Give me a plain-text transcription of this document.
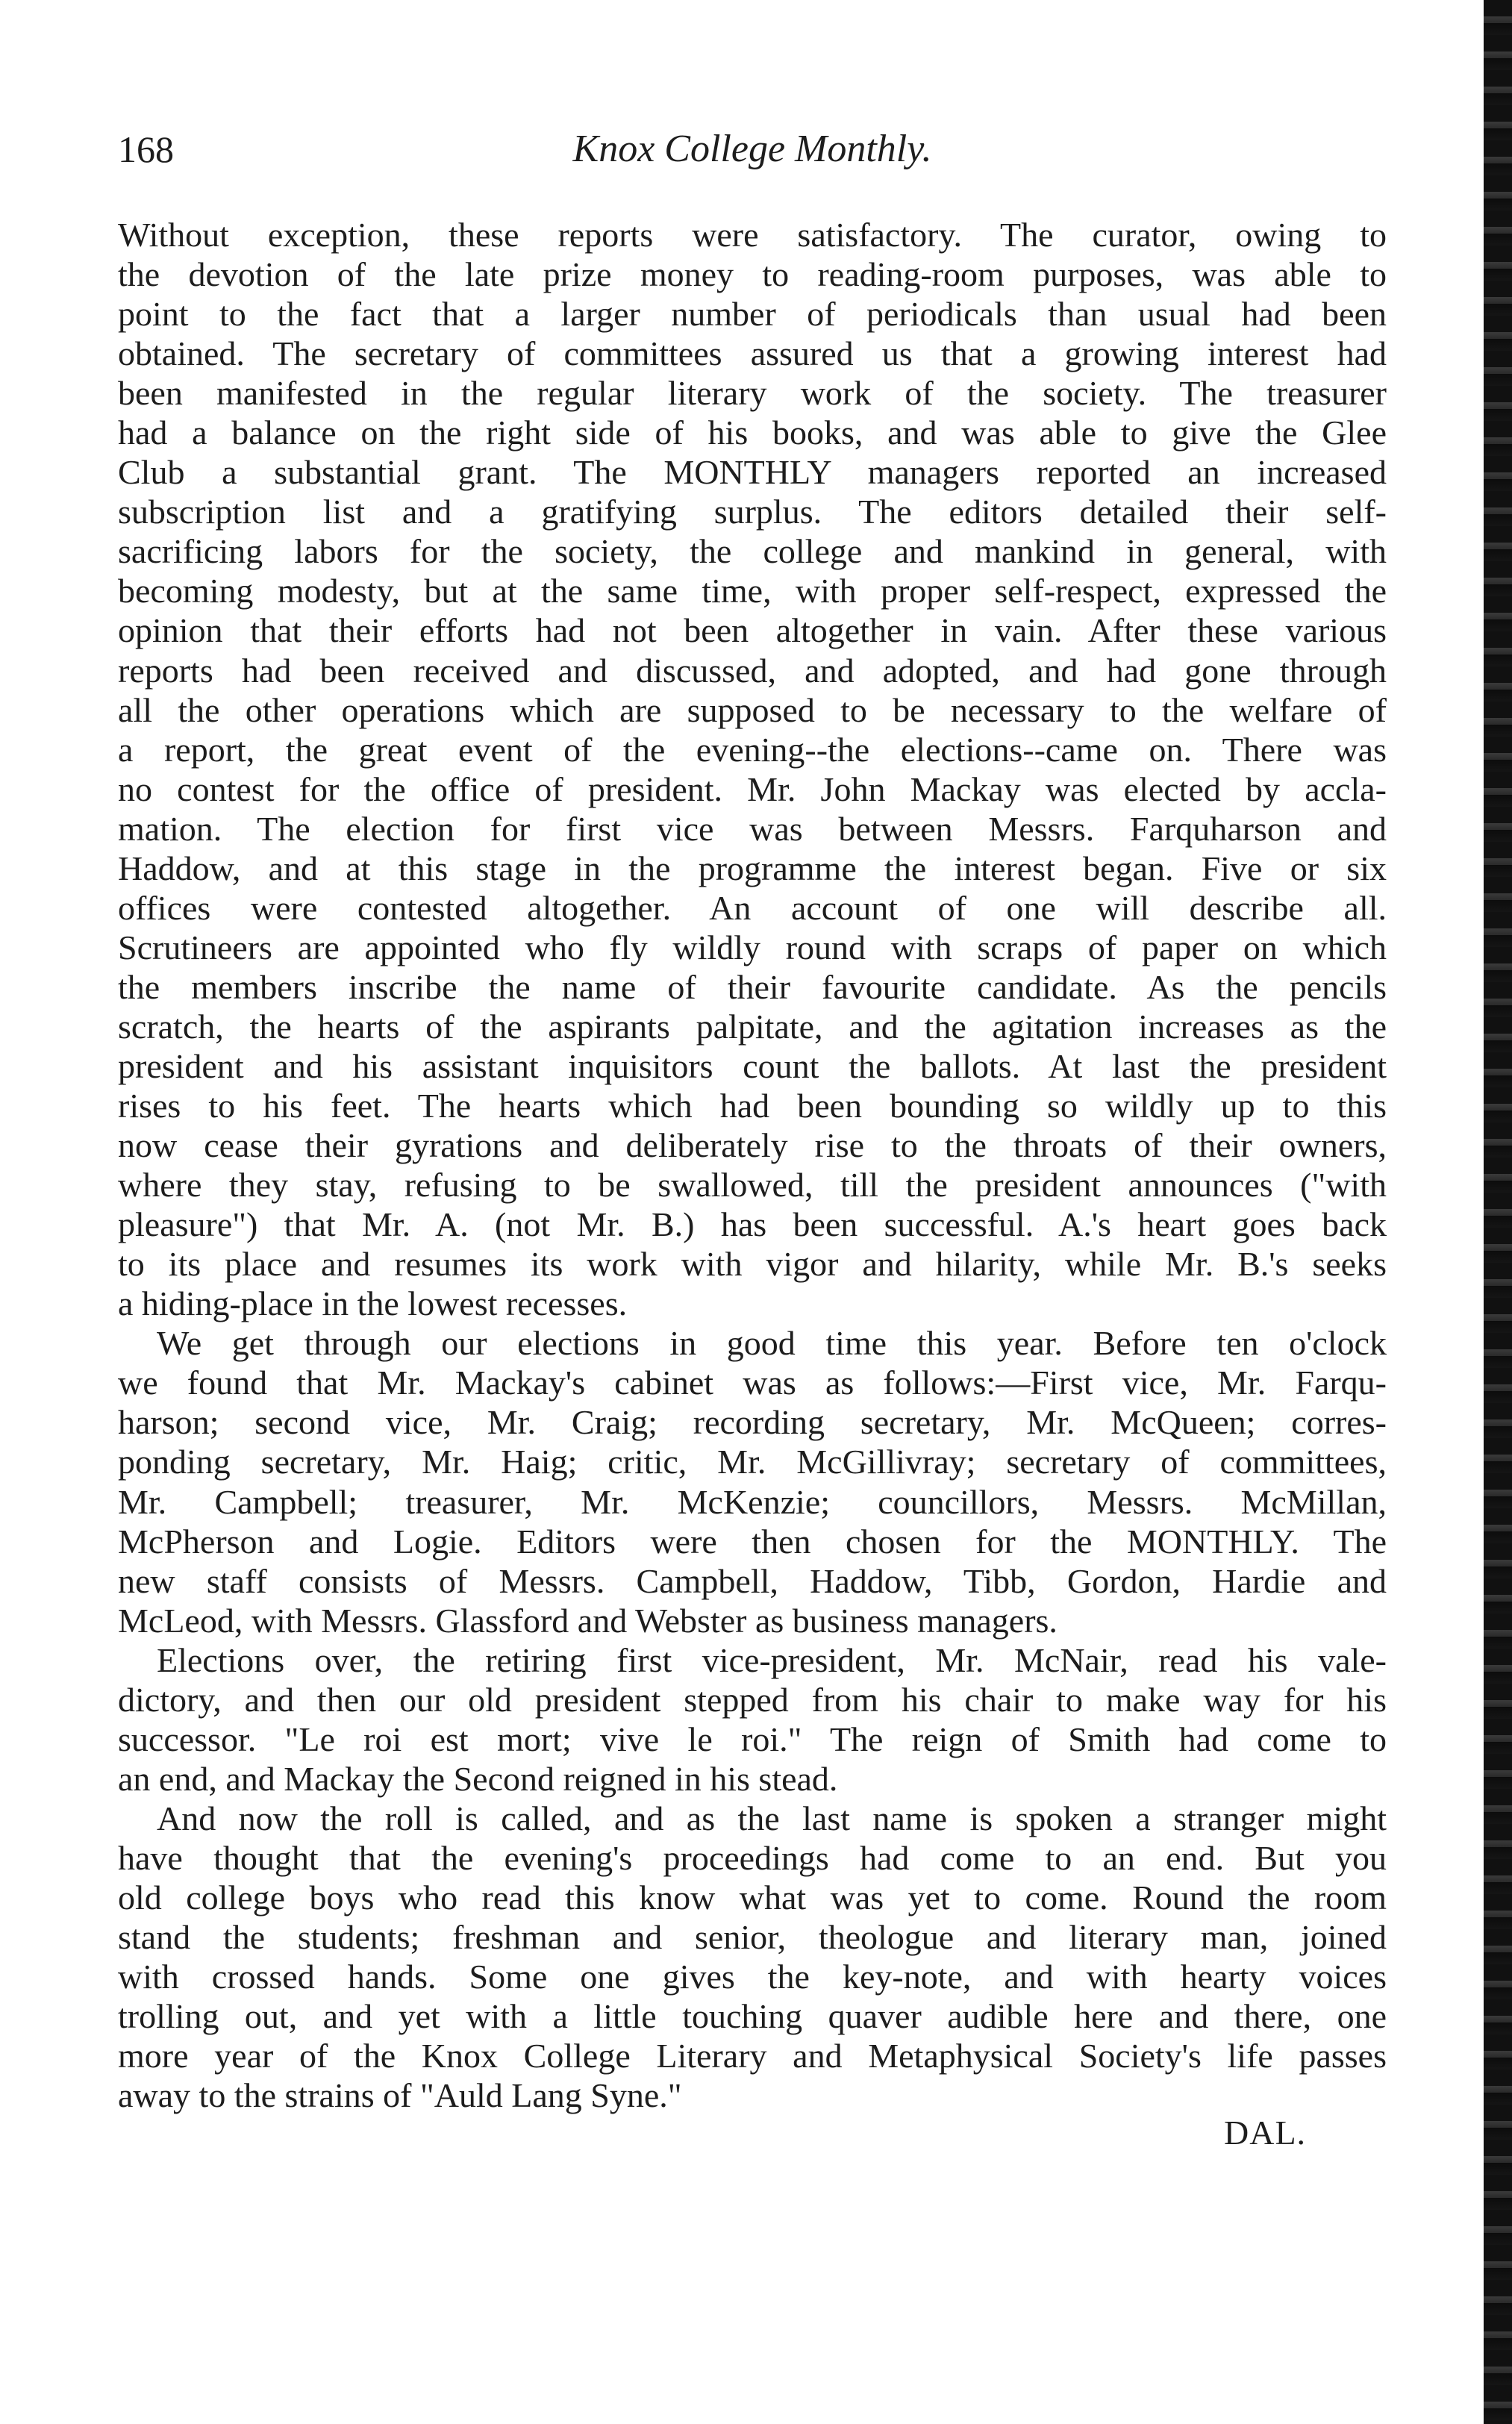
168	Knox College Monthly.
Without exception, these reports were satisfactory. The curator, owing to
the devotion of the late prize money to reading-room purposes, was able to
point to the fact that a larger number of periodicals than usual had been
obtained. The secretary of committees assured us that a growing interest had
been manifested in the regular literary work of the society. The treasurer
had a balance on the right side of his books, and was able to give the Glee
Club a substantial grant. The MONTHLY managers reported an increased
subscription list and a gratifying surplus. The editors detailed their self-
sacrificing labors for the society, the college and mankind in general, with
becoming modesty, but at the same time, with proper self-respect, expressed the
opinion that their efforts had not been altogether in vain. After these various
reports had been received and discussed, and adopted, and had gone through
all the other operations which are supposed to be necessary to the welfare of
a report, the great event of the evening--the elections--came on. There was
no contest for the office of president. Mr. John Mackay was elected by accla-
mation. The election for first vice was between Messrs. Farquharson and
Haddow, and at this stage in the programme the interest began. Five or six
offices were contested altogether. An account of one will describe all.
Scrutineers are appointed who fly wildly round with scraps of paper on which
the members inscribe the name of their favourite candidate. As the pencils
scratch, the hearts of the aspirants palpitate, and the agitation increases as the
president and his assistant inquisitors count the ballots. At last the president
rises to his feet. The hearts which had been bounding so wildly up to this
now cease their gyrations and deliberately rise to the throats of their owners,
where they stay, refusing to be swallowed, till the president announces ("with
pleasure") that Mr. A. (not Mr. B.) has been successful. A.'s heart goes back
to its place and resumes its work with vigor and hilarity, while Mr. B.'s seeks
a hiding-place in the lowest recesses.
We get through our elections in good time this year. Before ten o'clock
we found that Mr. Mackay's cabinet was as follows:—First vice, Mr. Farqu-
harson; second vice, Mr. Craig; recording secretary, Mr. McQueen; corres-
ponding secretary, Mr. Haig; critic, Mr. McGillivray; secretary of committees,
Mr. Campbell; treasurer, Mr. McKenzie; councillors, Messrs. McMillan,
McPherson and Logie. Editors were then chosen for the MONTHLY. The
new staff consists of Messrs. Campbell, Haddow, Tibb, Gordon, Hardie and
McLeod, with Messrs. Glassford and Webster as business managers.
Elections over, the retiring first vice-president, Mr. McNair, read his vale-
dictory, and then our old president stepped from his chair to make way for his
successor. "Le roi est mort; vive le roi." The reign of Smith had come to
an end, and Mackay the Second reigned in his stead.
And now the roll is called, and as the last name is spoken a stranger might
have thought that the evening's proceedings had come to an end. But you
old college boys who read this know what was yet to come. Round the room
stand the students; freshman and senior, theologue and literary man, joined
with crossed hands. Some one gives the key-note, and with hearty voices
trolling out, and yet with a little touching quaver audible here and there, one
more year of the Knox College Literary and Metaphysical Society's life passes
away to the strains of "Auld Lang Syne."
DAL.
